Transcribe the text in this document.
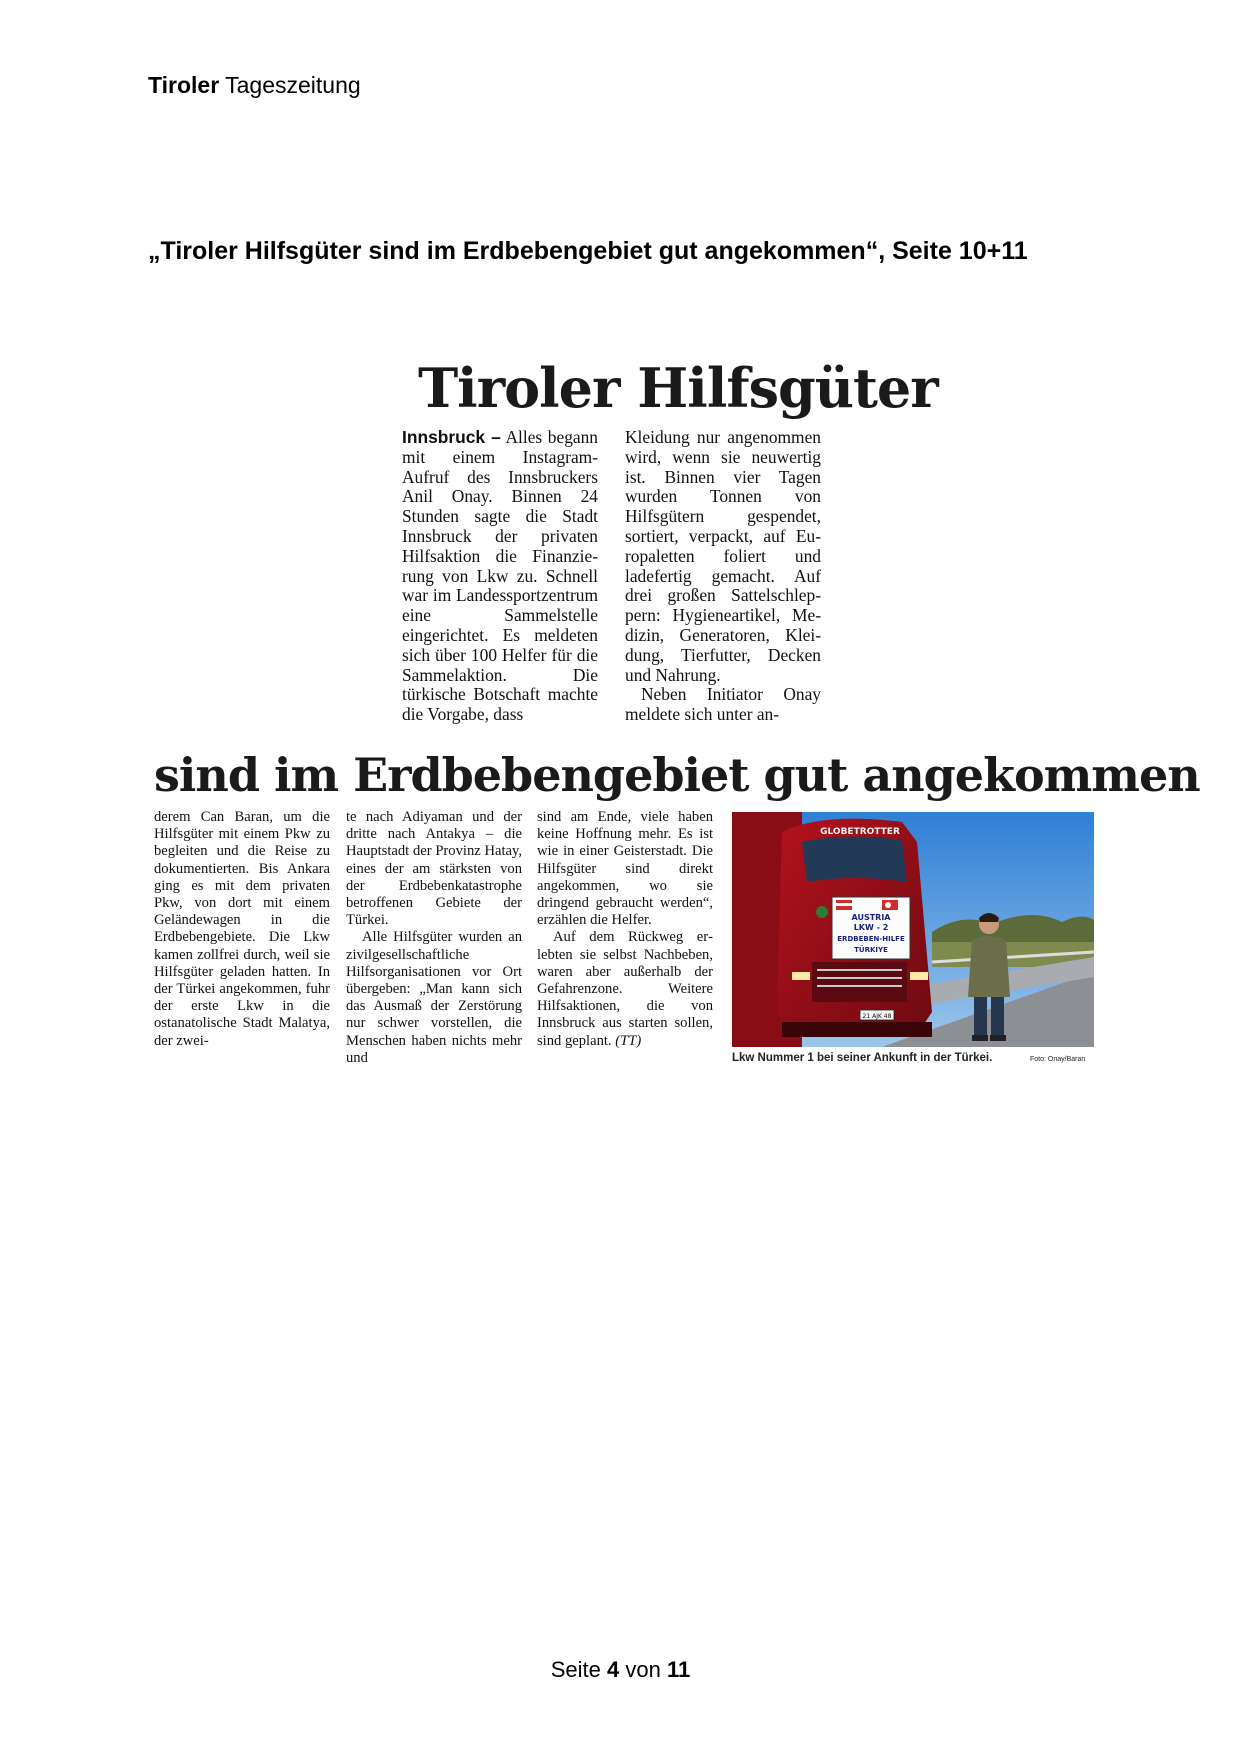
Tiroler Tageszeitung
„Tiroler Hilfsgüter sind im Erdbebengebiet gut angekommen“, Seite 10+11
Tiroler Hilfsgüter

Innsbruck – Alles begann mit einem Instagram-Aufruf des Innsbruckers Anil Onay. Binnen 24 Stunden sagte die Stadt Innsbruck der privaten Hilfsaktion die Finanzierung von Lkw zu. Schnell war im Landessportzentrum eine Sammelstelle eingerichtet. Es meldeten sich über 100 Helfer für die Sammelaktion. Die türkische Botschaft machte die Vorgabe, dass

Kleidung nur angenommen wird, wenn sie neuwertig ist. Binnen vier Tagen wurden Tonnen von Hilfsgütern gespendet, sortiert, verpackt, auf Europaletten foliert und ladefertig gemacht. Auf drei großen Sattelschleppern: Hygieneartikel, Medizin, Generatoren, Kleidung, Tierfutter, Decken und Nahrung.

Neben Initiator Onay meldete sich unter an-

sind im Erdbebengebiet gut angekommen

derem Can Baran, um die Hilfsgüter mit einem Pkw zu begleiten und die Reise zu dokumentierten. Bis Ankara ging es mit dem privaten Pkw, von dort mit einem Geländewagen in die Erdbebengebiete. Die Lkw kamen zollfrei durch, weil sie Hilfsgüter geladen hatten. In der Türkei angekommen, fuhr der erste Lkw in die ostanatolische Stadt Malatya, der zwei-

te nach Adiyaman und der dritte nach Antakya – die Hauptstadt der Provinz Hatay, eines der am stärksten von der Erdbebenkatastrophe betroffenen Gebiete der Türkei.

Alle Hilfsgüter wurden an zivilgesellschaftliche Hilfsorganisationen vor Ort übergeben: „Man kann sich das Ausmaß der Zerstörung nur schwer vorstellen, die Menschen haben nichts mehr und

sind am Ende, viele haben keine Hoffnung mehr. Es ist wie in einer Geisterstadt. Die Hilfsgüter sind direkt angekommen, wo sie dringend gebraucht werden“, erzählen die Helfer.

Auf dem Rückweg erlebten sie selbst Nachbeben, waren aber außerhalb der Gefahrenzone. Weitere Hilfsaktionen, die von Innsbruck aus starten sollen, sind geplant. (TT)

GLOBETROTTER
AUSTRIA
LKW - 2
ERDBEBEN-HILFE
TÜRKIYE
21 AJK 48
Lkw Nummer 1 bei seiner Ankunft in der Türkei.	Foto: Onay/Baran
Seite 4 von 11
